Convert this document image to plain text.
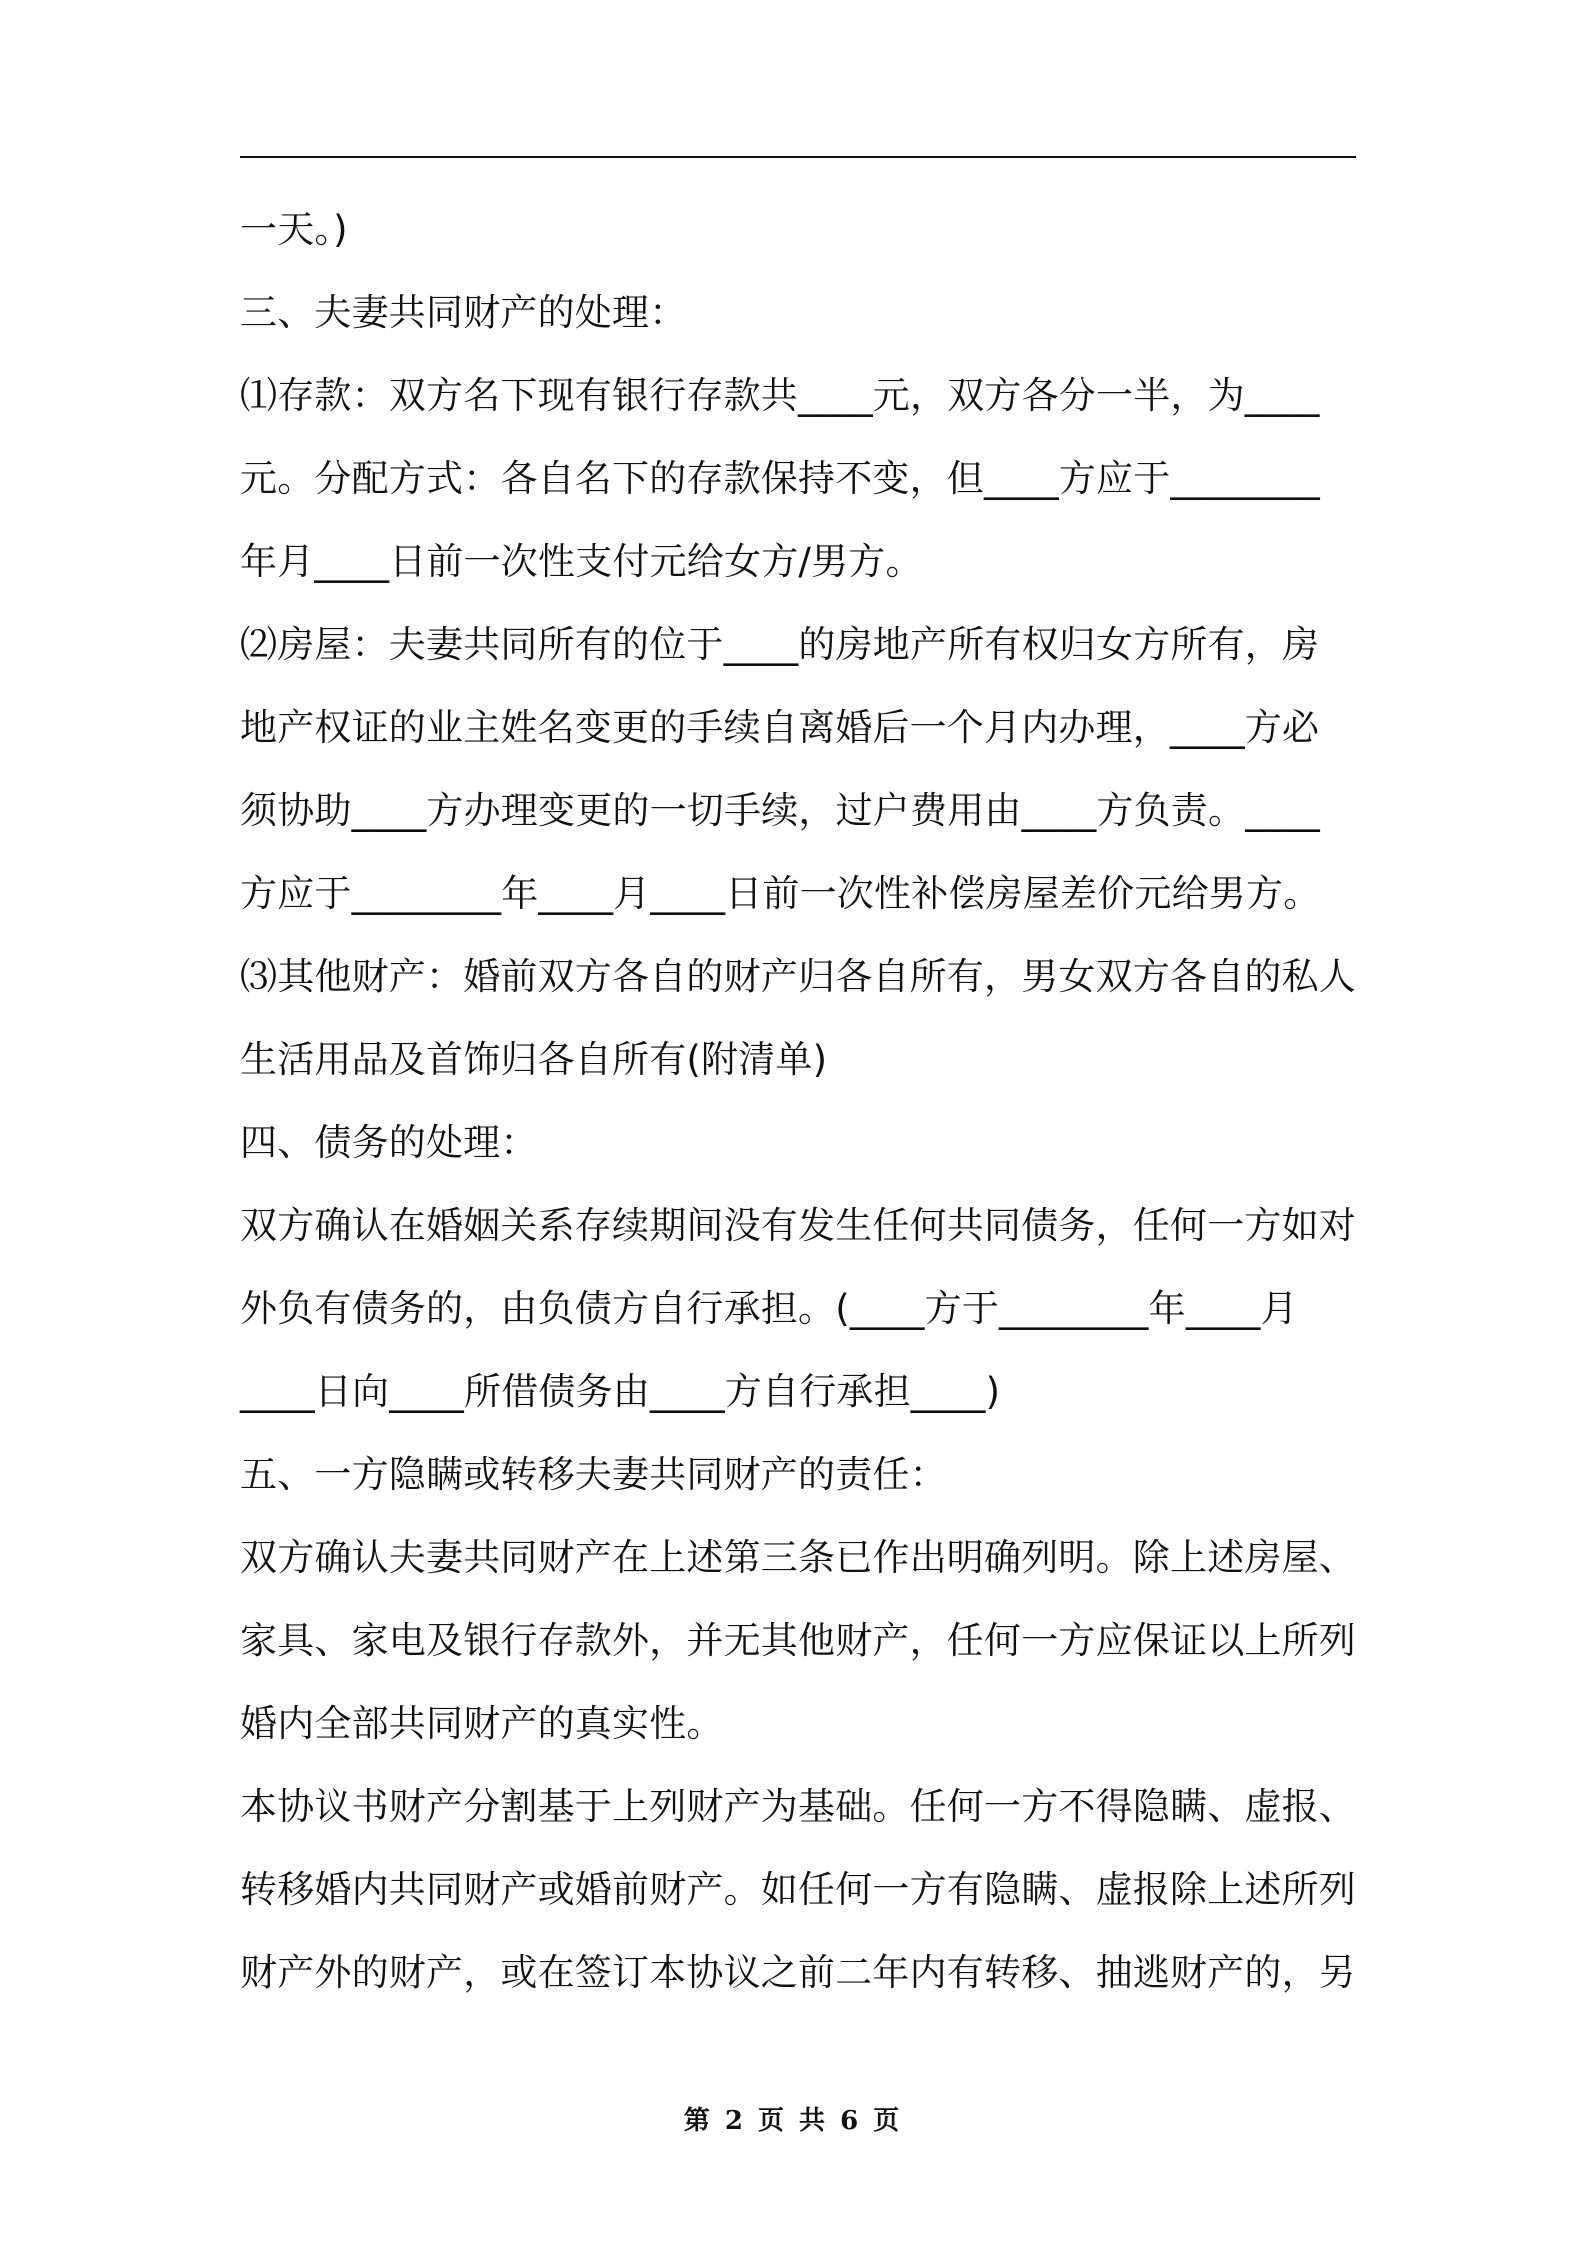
一天。)
三、夫妻共同财产的处理：
⑴存款：双方名下现有银行存款共____元，双方各分一半，为____
元。分配方式：各自名下的存款保持不变，但____方应于________
年月____日前一次性支付元给女方/男方。
⑵房屋：夫妻共同所有的位于____的房地产所有权归女方所有，房
地产权证的业主姓名变更的手续自离婚后一个月内办理，____方必
须协助____方办理变更的一切手续，过户费用由____方负责。____
方应于________年____月____日前一次性补偿房屋差价元给男方。
⑶其他财产：婚前双方各自的财产归各自所有，男女双方各自的私人
生活用品及首饰归各自所有(附清单)
四、债务的处理：
双方确认在婚姻关系存续期间没有发生任何共同债务，任何一方如对
外负有债务的，由负债方自行承担。(____方于________年____月
____日向____所借债务由____方自行承担____)
五、一方隐瞒或转移夫妻共同财产的责任：
双方确认夫妻共同财产在上述第三条已作出明确列明。除上述房屋、
家具、家电及银行存款外，并无其他财产，任何一方应保证以上所列
婚内全部共同财产的真实性。
本协议书财产分割基于上列财产为基础。任何一方不得隐瞒、虚报、
转移婚内共同财产或婚前财产。如任何一方有隐瞒、虚报除上述所列
财产外的财产，或在签订本协议之前二年内有转移、抽逃财产的，另
第 2 页 共 6 页
